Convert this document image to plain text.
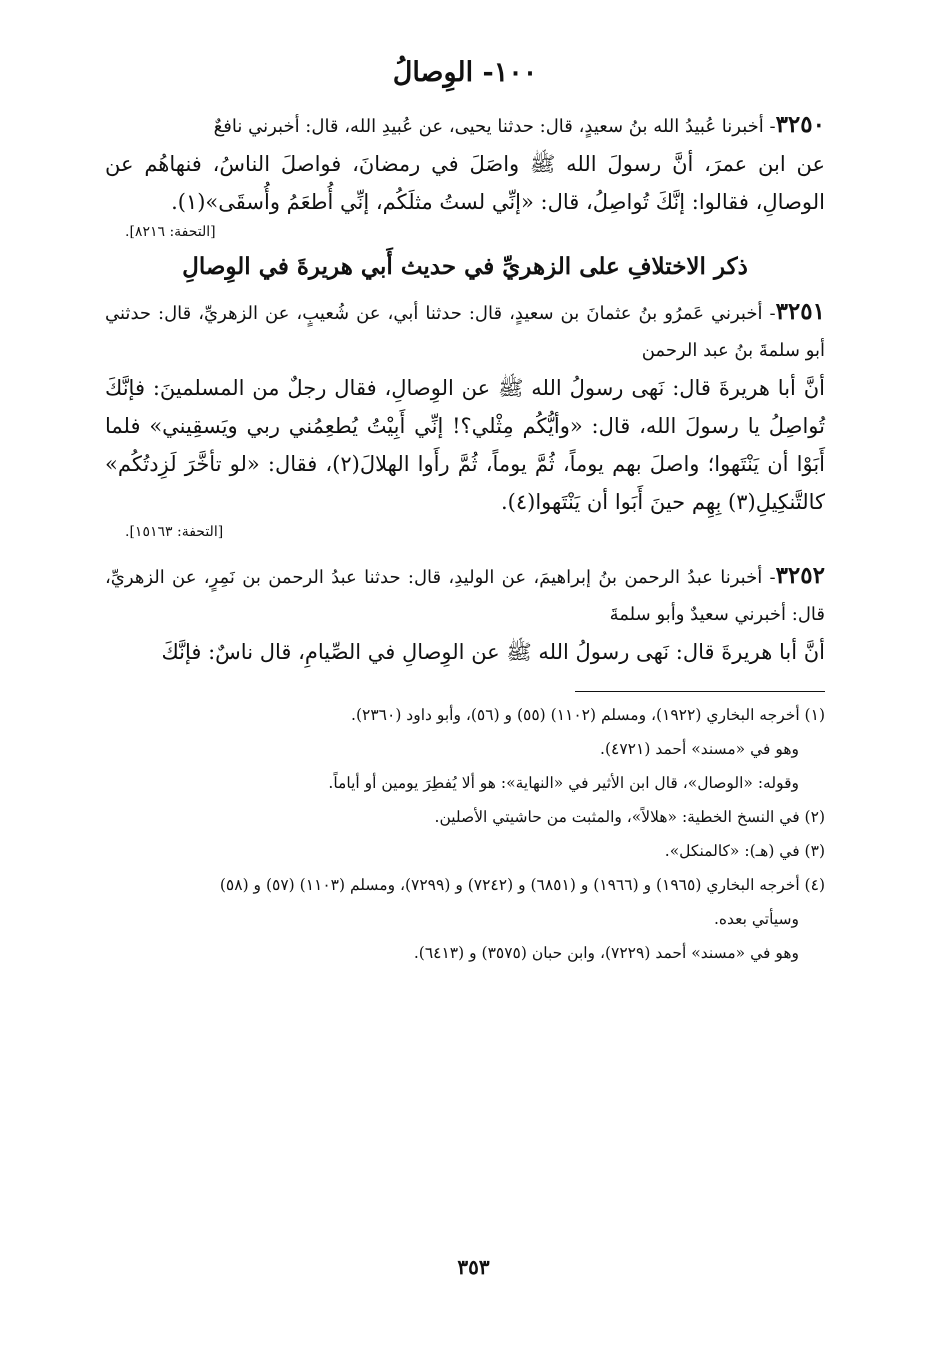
١٠٠- الوِصالُ

٣٢٥٠- أخبرنا عُبيدُ الله بنُ سعيدٍ، قال: حدثنا يحيى، عن عُبيدِ الله، قال: أخبرني نافعٌ

عن ابن عمرَ، أنَّ رسولَ الله ﷺ واصَلَ في رمضانَ، فواصلَ الناسُ، فنهاهُم عن الوصالِ، فقالوا: إنَّكَ تُواصِلُ، قال: «إنِّي لستُ مثلَكُم، إنِّي أُطعَمُ وأُسقَى»(١).

[التحفة: ٨٢١٦].
ذكر الاختلافِ على الزهريِّ في حديث أَبي هريرةَ في الوِصالِ

٣٢٥١- أخبرني عَمرُو بنُ عثمانَ بن سعيدٍ، قال: حدثنا أبي، عن شُعيبٍ، عن الزهريِّ، قال: حدثني أبو سلمةَ بنُ عبد الرحمن

أنَّ أبا هريرةَ قال: نَهى رسولُ الله ﷺ عن الوِصالِ، فقال رجلٌ من المسلمينَ: فإنَّكَ تُواصِلُ يا رسولَ الله، قال: «وأيُّكُم مِثْلي؟! إنِّي أَبِيْتُ يُطعِمُني ربي ويَسقِيني» فلما أَبَوْا أن يَنْتَهوا؛ واصلَ بهم يوماً، ثُمَّ يوماً، ثُمَّ رأَوا الهلالَ(٢)، فقال: «لو تأخَّرَ لَزِدتُكُم» كالتَّنكِيلِ(٣) بِهِم حينَ أَبَوا أن يَنْتَهوا(٤).

[التحفة: ١٥١٦٣].

٣٢٥٢- أخبرنا عبدُ الرحمن بنُ إبراهيمَ، عن الوليدِ، قال: حدثنا عبدُ الرحمن بن نَمِرٍ، عن الزهريِّ، قال: أخبرني سعيدٌ وأبو سلمةَ

أنَّ أبا هريرةَ قال: نَهى رسولُ الله ﷺ عن الوِصالِ في الصِّيامِ، قال ناسٌ: فإنَّكَ

(١) أخرجه البخاري (١٩٢٢)، ومسلم (١١٠٢) (٥٥) و (٥٦)، وأبو داود (٢٣٦٠).

وهو في «مسند» أحمد (٤٧٢١).

وقوله: «الوصال»، قال ابن الأثير في «النهاية»: هو ألا يُفطِرَ يومين أو أياماً.

(٢) في النسخ الخطية: «هلالاً»، والمثبت من حاشيتي الأصلين.

(٣) في (هـ): «كالمنكل».

(٤) أخرجه البخاري (١٩٦٥) و (١٩٦٦) و (٦٨٥١) و (٧٢٤٢) و (٧٢٩٩)، ومسلم (١١٠٣) (٥٧) و (٥٨)

وسيأتي بعده.

وهو في «مسند» أحمد (٧٢٢٩)، وابن حبان (٣٥٧٥) و (٦٤١٣).

٣٥٣
